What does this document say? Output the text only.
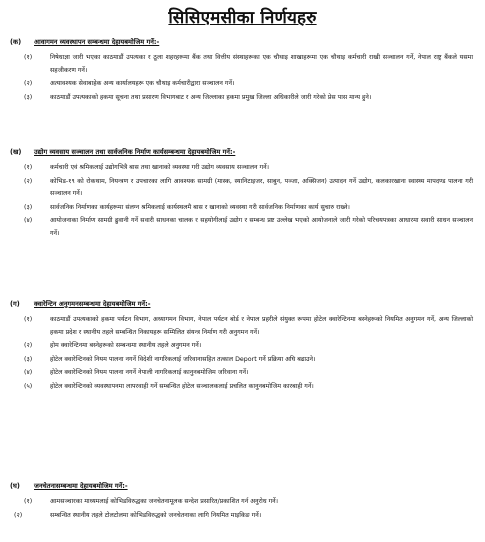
सिसिएमसीका निर्णयहरु
(क) आवागमन व्यवस्थापन सम्बन्धमा देहायबमोजिम गर्ने:-
(१)	निषेधाज्ञा जारी भएका काठमाडौं उपत्यका र ठूला शहरहरूमा बैंक तथा वित्तीय संस्थाहरूका एक चौथाइ शाखाहरूमा एक चौथाइ कर्मचारी राखी सञ्चालन गर्ने, नेपाल राष्ट्र बैंकले यसमा सहजीकरण गर्ने।
(२)	अत्यावश्यक सेवाबाहेक अन्य कार्यालयहरू एक चौथाइ कर्मचारीद्वारा सञ्चालन गर्ने।
(३)	काठमाडौं उपत्यकाको हकमा सूचना तथा प्रसारण विभागबाट र अन्य जिल्लाका हकमा प्रमुख जिल्ला अधिकारीले जारी गरेको प्रेस पास मान्य हुने।
(ख) उद्योग व्यवसाय सञ्चालन तथा सार्वजनिक निर्माण कार्यसम्बन्धमा देहायबमोजिम गर्ने:-
(१)	कर्मचारी एवं श्रमिकलाई उद्योगभित्रै बास तथा खानाको व्यवस्था गरी उद्योग व्यवसाय सञ्चालन गर्ने।
(२)	कोभिड-१९ को रोकथाम, नियन्त्रण र उपचारका लागि आवश्यक सामग्री (मास्क, स्यानिटाइजर, साबुन, पञ्जा, अक्सिजन) उत्पादन गर्ने उद्योग, कलकारखाना स्वास्थ्य मापदण्ड पालना गरी सञ्चालन गर्ने।
(३)	सार्वजनिक निर्माणका कार्यहरूमा संलग्न श्रमिकलाई कार्यस्थलमै बास र खानाको व्यवस्था गरी सार्वजनिक निर्माणका कार्य सुचारु राख्ने।
(४)	आयोजनाका निर्माण सामग्री ढुवानी गर्ने सवारी साधनका चालक र सहयोगीलाई उद्योग र सम्बन्ध प्रष्ट उल्लेख भएको आयोजनाले जारी गरेको परिचयपत्रका आधारमा सवारी साधन सञ्चालन गर्ने।
(ग) क्वारेन्टिन अनुगमनसम्बन्धमा देहायबमोजिम गर्ने:-
(१)	काठमाडौं उपत्यकाको हकमा पर्यटन विभाग, अध्यागमन विभाग, नेपाल पर्यटन बोर्ड र नेपाल प्रहरीले संयुक्त रूपमा होटेल क्वारेन्टिनमा बस्नेहरूको नियमित अनुगमन गर्ने, अन्य जिल्लाको हकमा प्रदेश र स्थानीय तहले सम्बन्धित निकायहरू सम्मिलित संयन्त्र निर्माण गरी अनुगमन गर्ने।
(२)	होम क्वारेन्टिनमा बस्नेहरूको सम्बन्धमा स्थानीय तहले अनुगमन गर्ने।
(३)	होटेल क्वारेन्टिनको नियम पालना नगर्ने विदेशी नागरिकलाई जरिवानासहित तत्काल Deport गर्ने प्रक्रिया अघि बढाउने।
(४)	होटेल क्वारेन्टिनको नियम पालना नगर्ने नेपाली नागरिकलाई कानुनबमोजिम जरिवाना गर्ने।
(५)	होटेल क्वारेन्टिनको व्यवस्थापनमा लापरवाही गर्ने सम्बन्धित होटेल सञ्चालकलाई प्रचलित कानुनबमोजिम कारबाही गर्ने।
(घ) जनचेतनासम्बन्धमा देहायबमोजिम गर्ने:-
(१)	आमसञ्चारका माध्यमलाई कोभिडविरुद्धका जनचेतनामूलक सन्देश प्रसारित/प्रकाशित गर्न अनुरोध गर्ने।
(२)	सम्बन्धित स्थानीय तहले टोलटोलमा कोभिडविरुद्धको जनचेतनाका लागि नियमित माइकिङ गर्ने।
